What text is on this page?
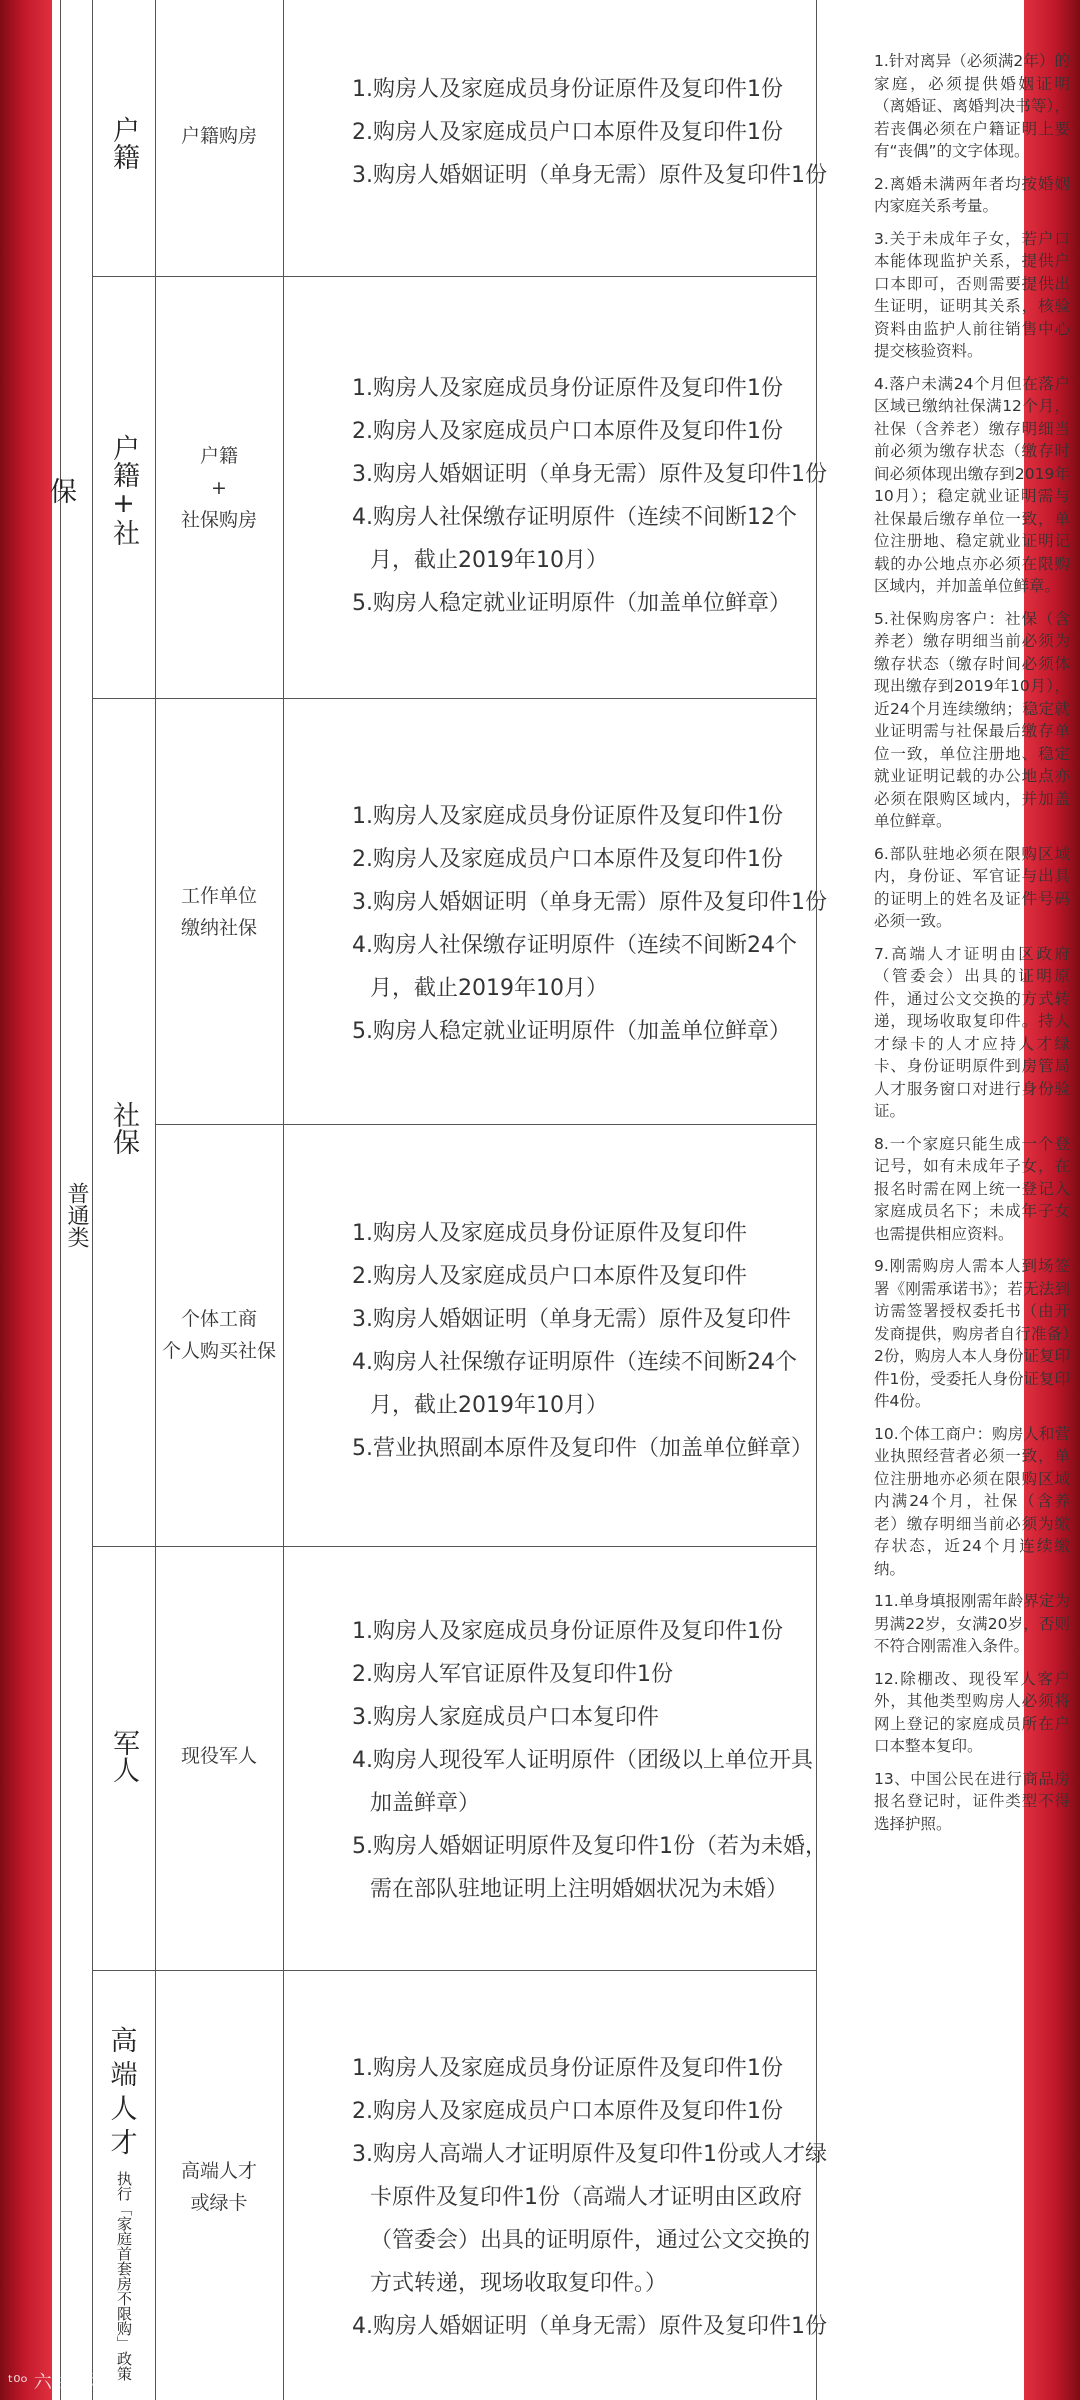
普通类
户籍
户籍+社保
社保
军人
高端人才
执行「家庭首套房不限购」政策
户籍购房
户籍
+
社保购房
工作单位
缴纳社保
个体工商
个人购买社保
现役军人
高端人才
或绿卡
1.购房人及家庭成员身份证原件及复印件1份
2.购房人及家庭成员户口本原件及复印件1份
3.购房人婚姻证明（单身无需）原件及复印件1份
1.购房人及家庭成员身份证原件及复印件1份
2.购房人及家庭成员户口本原件及复印件1份
3.购房人婚姻证明（单身无需）原件及复印件1份
4.购房人社保缴存证明原件（连续不间断12个
月，截止2019年10月）
5.购房人稳定就业证明原件（加盖单位鲜章）
1.购房人及家庭成员身份证原件及复印件1份
2.购房人及家庭成员户口本原件及复印件1份
3.购房人婚姻证明（单身无需）原件及复印件1份
4.购房人社保缴存证明原件（连续不间断24个
月，截止2019年10月）
5.购房人稳定就业证明原件（加盖单位鲜章）
1.购房人及家庭成员身份证原件及复印件
2.购房人及家庭成员户口本原件及复印件
3.购房人婚姻证明（单身无需）原件及复印件
4.购房人社保缴存证明原件（连续不间断24个
月，截止2019年10月）
5.营业执照副本原件及复印件（加盖单位鲜章）
1.购房人及家庭成员身份证原件及复印件1份
2.购房人军官证原件及复印件1份
3.购房人家庭成员户口本复印件
4.购房人现役军人证明原件（团级以上单位开具
加盖鲜章）
5.购房人婚姻证明原件及复印件1份（若为未婚，
需在部队驻地证明上注明婚姻状况为未婚）
1.购房人及家庭成员身份证原件及复印件1份
2.购房人及家庭成员户口本原件及复印件1份
3.购房人高端人才证明原件及复印件1份或人才绿
卡原件及复印件1份（高端人才证明由区政府
（管委会）出具的证明原件，通过公文交换的
方式转递，现场收取复印件。）
4.购房人婚姻证明（单身无需）原件及复印件1份
1.针对离异（必须满2年）的家庭，必须提供婚姻证明（离婚证、离婚判决书等），若丧偶必须在户籍证明上要有“丧偶”的文字体现。
2.离婚未满两年者均按婚姻内家庭关系考量。
3.关于未成年子女，若户口本能体现监护关系，提供户口本即可，否则需要提供出生证明，证明其关系，核验资料由监护人前往销售中心提交核验资料。
4.落户未满24个月但在落户区域已缴纳社保满12个月，社保（含养老）缴存明细当前必须为缴存状态（缴存时间必须体现出缴存到2019年10月）；稳定就业证明需与社保最后缴存单位一致，单位注册地、稳定就业证明记载的办公地点亦必须在限购区域内，并加盖单位鲜章。
5.社保购房客户：社保（含养老）缴存明细当前必须为缴存状态（缴存时间必须体现出缴存到2019年10月），近24个月连续缴纳；稳定就业证明需与社保最后缴存单位一致，单位注册地、稳定就业证明记载的办公地点亦必须在限购区域内，并加盖单位鲜章。
6.部队驻地必须在限购区域内，身份证、军官证与出具的证明上的姓名及证件号码必须一致。
7.高端人才证明由区政府（管委会）出具的证明原件，通过公文交换的方式转递，现场收取复印件。持人才绿卡的人才应持人才绿卡、身份证明原件到房管局人才服务窗口对进行身份验证。
8.一个家庭只能生成一个登记号，如有未成年子女，在报名时需在网上统一登记入家庭成员名下；未成年子女也需提供相应资料。
9.刚需购房人需本人到场签署《刚需承诺书》；若无法到访需签署授权委托书（由开发商提供，购房者自行准备）2份，购房人本人身份证复印件1份，受委托人身份证复印件4份。
10.个体工商户：购房人和营业执照经营者必须一致，单位注册地亦必须在限购区域内满24个月，社保（含养老）缴存明细当前必须为缴存状态，近24个月连续缴纳。
11.单身填报刚需年龄界定为男满22岁，女满20岁，否则不符合刚需准入条件。
12.除棚改、现役军人客户外，其他类型购房人必须将网上登记的家庭成员所在户口本整本复印。
13、中国公民在进行商品房报名登记时，证件类型不得选择护照。
ᵗ⁰ᵒ 六曲路网
